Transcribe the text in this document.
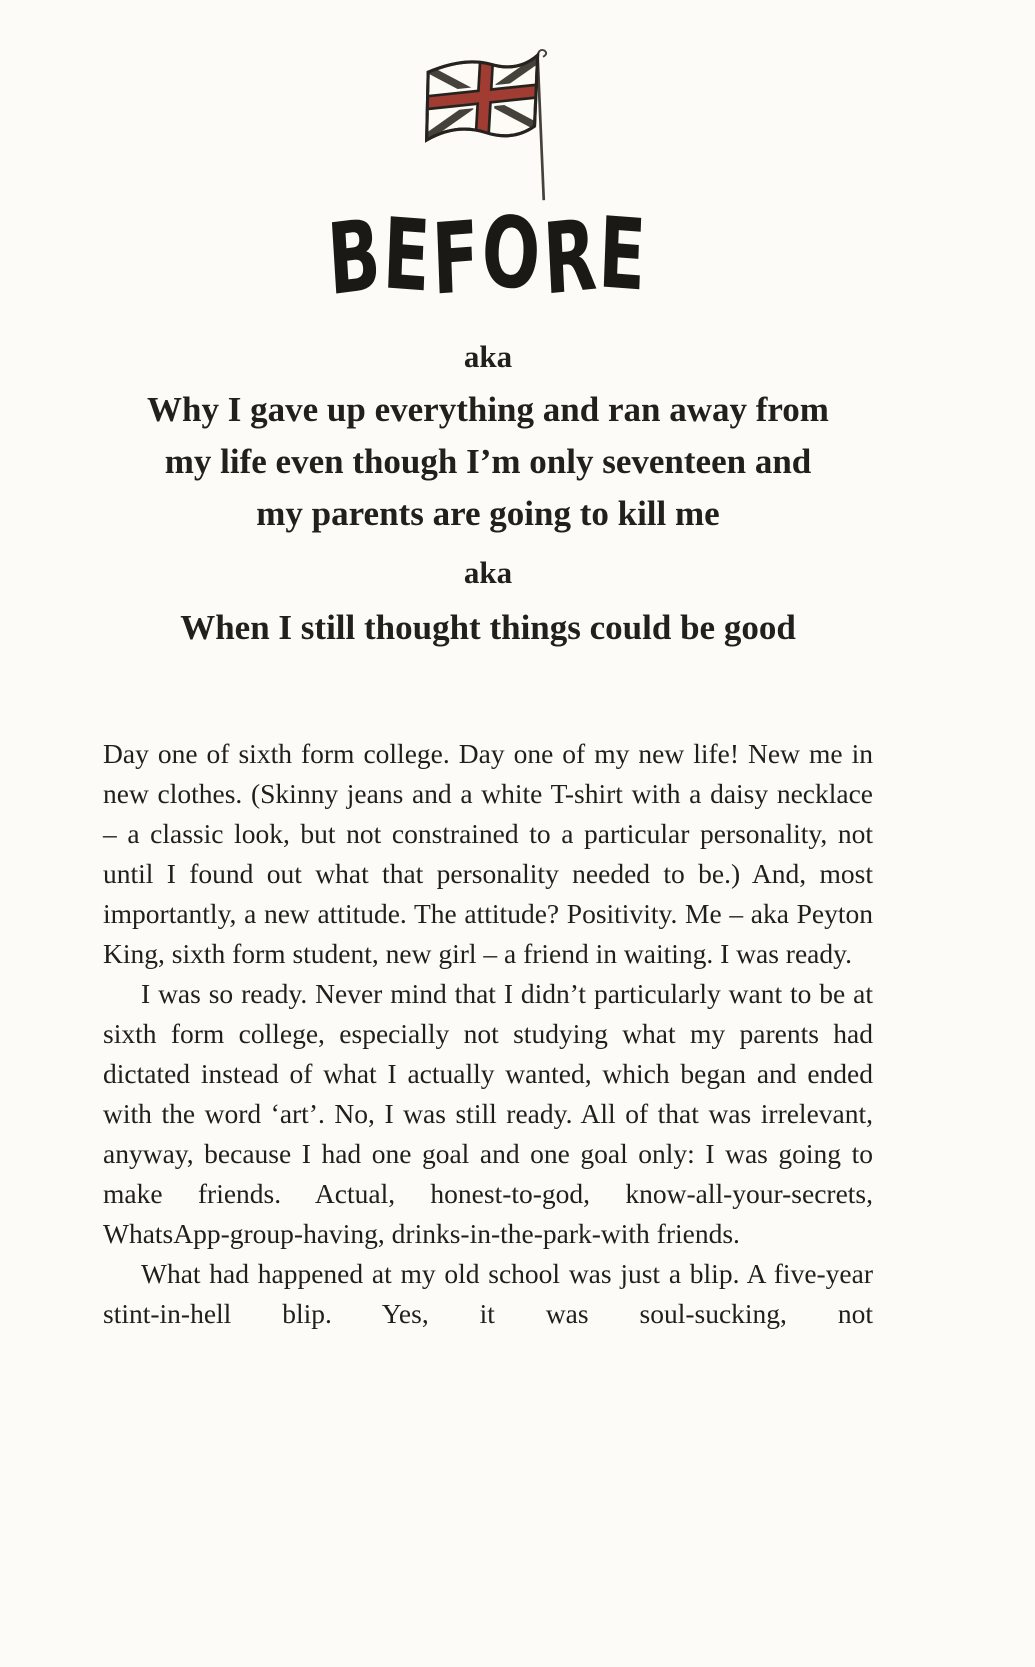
BEFORE
aka
Why I gave up everything and ran away from
my life even though I’m only seventeen and
my parents are going to kill me
aka
When I still thought things could be good

Day one of sixth form college. Day one of my new life! New me in new clothes. (Skinny jeans and a white T-shirt with a daisy necklace – a classic look, but not constrained to a particular personality, not until I found out what that personality needed to be.) And, most importantly, a new attitude. The attitude? Positivity. Me – aka Peyton King, sixth form student, new girl – a friend in waiting. I was ready.

I was so ready. Never mind that I didn’t particularly want to be at sixth form college, especially not studying what my parents had dictated instead of what I actually wanted, which began and ended with the word ‘art’. No, I was still ready. All of that was irrelevant, anyway, because I had one goal and one goal only: I was going to make friends. Actual, honest-to-god, know-all-your-secrets, WhatsApp-group-having, drinks-in-the-park-with friends.

What had happened at my old school was just a blip. A five-year stint-in-hell blip. Yes, it was soul-sucking, not
